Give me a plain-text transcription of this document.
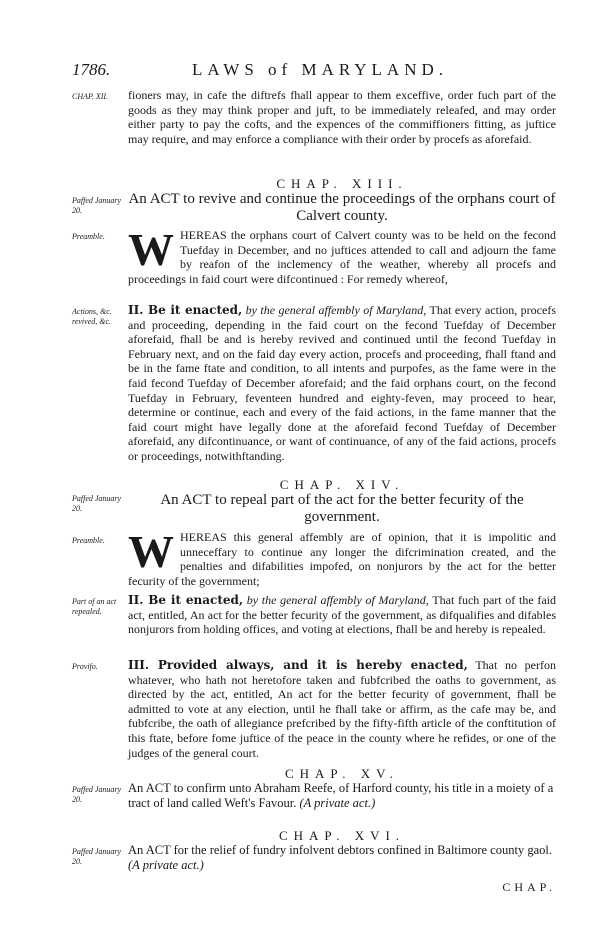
1786.	LAWS of MARYLAND.
CHAP. XII.	fioners may, in cafe the diftrefs fhall appear to them exceffive, order fuch part of the goods as they may think proper and juft, to be immediately releafed, and may order either party to pay the cofts, and the expences of the commiffioners fitting, as juftice may require, and may enforce a compliance with their order by procefs as aforefaid.
CHAP. XIII.
Paffed January 20.
An ACT to revive and continue the proceedings of the orphans court of Calvert county.
Preamble. WHEREAS the orphans court of Calvert county was to be held on the fecond Tuefday in December, and no juftices attended to call and adjourn the fame by reafon of the inclemency of the weather, whereby all procefs and proceedings in faid court were difcontinued : For remedy whereof,
Actions, &c. revived, &c.
II. Be it enacted, by the general affembly of Maryland, That every action, procefs and proceeding, depending in the faid court on the fecond Tuefday of December aforefaid, fhall be and is hereby revived and continued until the fecond Tuefday in February next, and on the faid day every action, procefs and proceeding, fhall ftand and be in the fame ftate and condition, to all intents and purpofes, as the fame were in the faid fecond Tuefday of December aforefaid; and the faid orphans court, on the fecond Tuefday in February, feventeen hundred and eighty-feven, may proceed to hear, determine or continue, each and every of the faid actions, in the fame manner that the faid court might have legally done at the aforefaid fecond Tuefday of December aforefaid, any difcontinuance, or want of continuance, of any of the faid actions, procefs or proceedings, notwithftanding.
CHAP. XIV.
Paffed January 20.
An ACT to repeal part of the act for the better fecurity of the government.
Preamble. WHEREAS this general affembly are of opinion, that it is impolitic and unneceffary to continue any longer the difcrimination created, and the penalties and difabilities impofed, on nonjurors by the act for the better fecurity of the government;
Part of an act repealed.
II. Be it enacted, by the general affembly of Maryland, That fuch part of the faid act, entitled, An act for the better fecurity of the government, as difqualifies and difables nonjurors from holding offices, and voting at elections, fhall be and hereby is repealed.
Provifo.	III. Provided always, and it is hereby enacted, That no perfon whatever, who hath not heretofore taken and fubfcribed the oaths to government, as directed by the act, entitled, An act for the better fecurity of government, fhall be admitted to vote at any election, until he fhall take or affirm, as the cafe may be, and fubfcribe, the oath of allegiance prefcribed by the fifty-fifth article of the conftitution of this ftate, before fome juftice of the peace in the county where he refides, or one of the judges of the general court.
CHAP. XV.
Paffed January 20.
An ACT to confirm unto Abraham Reefe, of Harford county, his title in a moiety of a tract of land called Weft's Favour. (A private act.)
CHAP. XVI.
Paffed January 20.
An ACT for the relief of fundry infolvent debtors confined in Baltimore county gaol. (A private act.)
CHAP.
